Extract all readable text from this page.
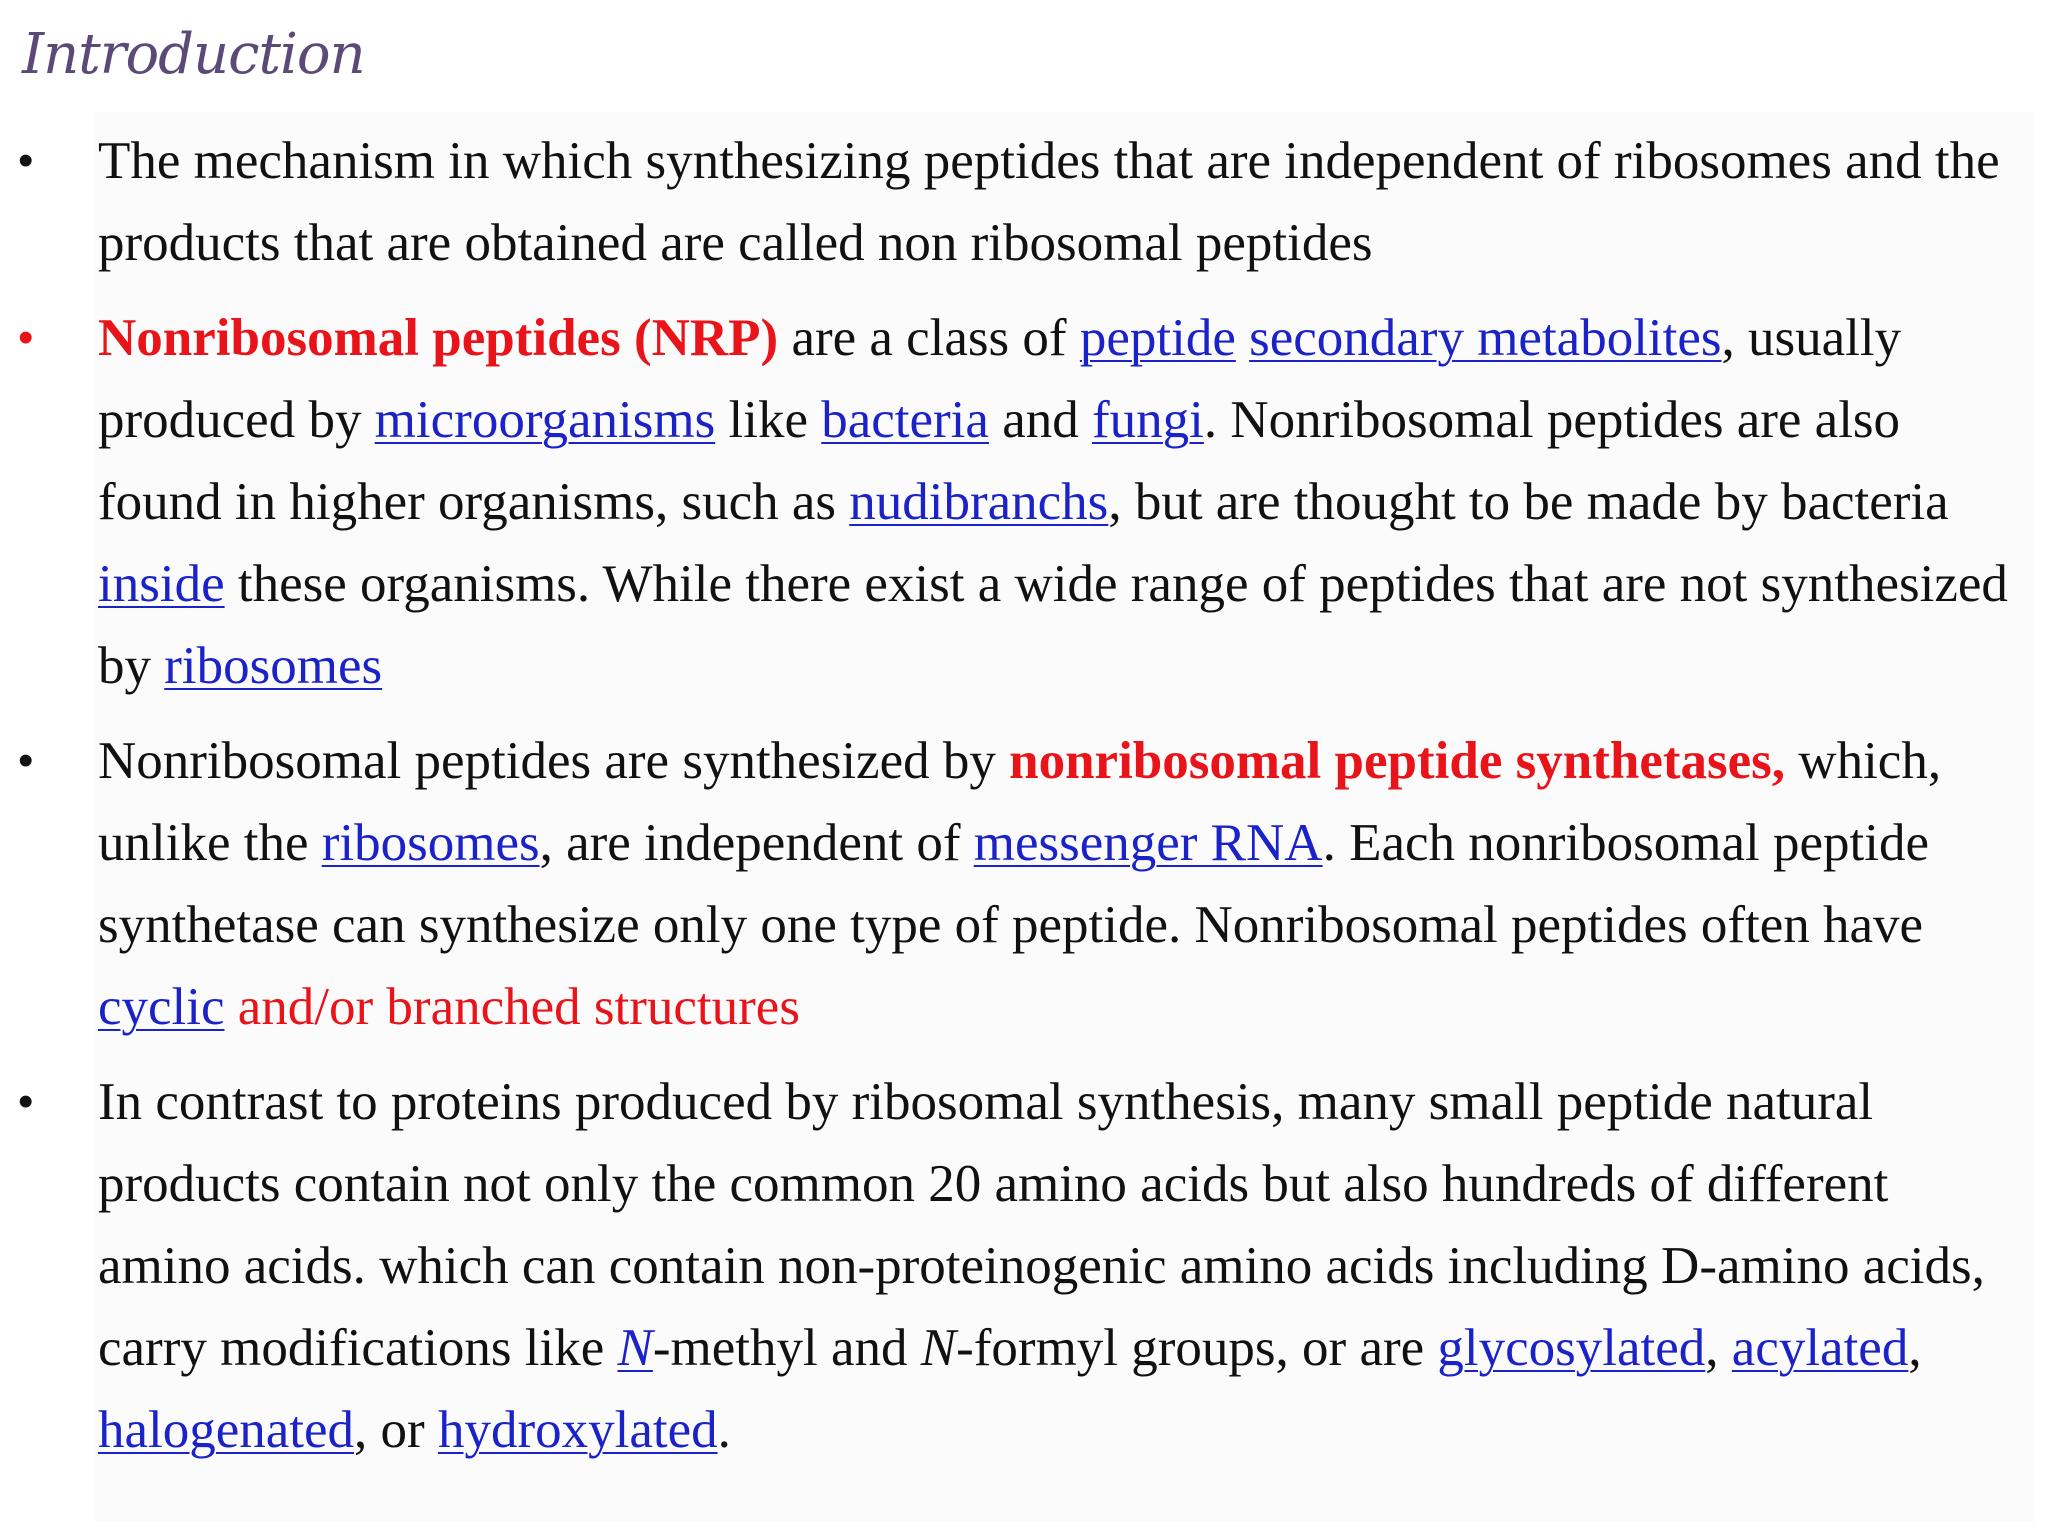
Introduction
• The mechanism in which synthesizing peptides that are independent of ribosomes and the products that are obtained are called non ribosomal peptides
• Nonribosomal peptides (NRP) are a class of peptide secondary metabolites, usually produced by microorganisms like bacteria and fungi. Nonribosomal peptides are also found in higher organisms, such as nudibranchs, but are thought to be made by bacteria inside these organisms. While there exist a wide range of peptides that are not synthesized by ribosomes
• Nonribosomal peptides are synthesized by nonribosomal peptide synthetases, which, unlike the ribosomes, are independent of messenger RNA. Each nonribosomal peptide synthetase can synthesize only one type of peptide. Nonribosomal peptides often have cyclic and/or branched structures
• In contrast to proteins produced by ribosomal synthesis, many small peptide natural products contain not only the common 20 amino acids but also hundreds of different amino acids. which can contain non-proteinogenic amino acids including D-amino acids, carry modifications like N-methyl and N-formyl groups, or are glycosylated, acylated, halogenated, or hydroxylated.
